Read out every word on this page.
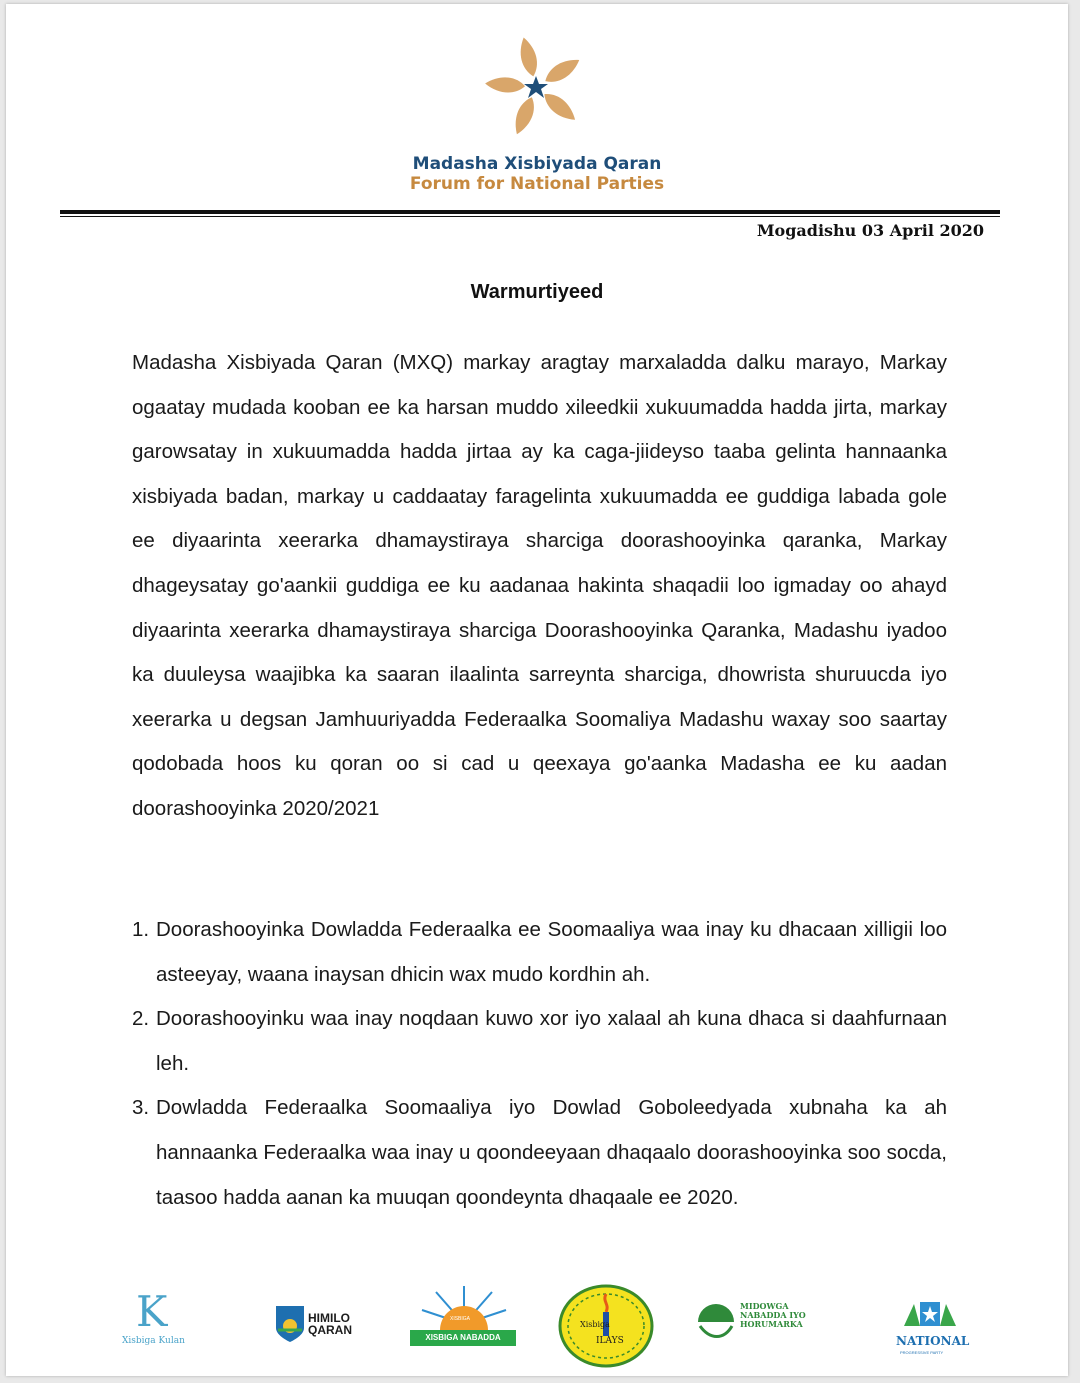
Madasha Xisbiyada Qaran
Forum for National Parties
Mogadishu 03 April 2020
Warmurtiyeed

Madasha Xisbiyada Qaran (MXQ) markay aragtay marxaladda dalku marayo, Markay ogaatay mudada kooban ee ka harsan muddo xileedkii xukuumadda hadda jirta, markay garowsatay in xukuumadda hadda jirtaa ay ka caga-jiideyso taaba gelinta hannaanka xisbiyada badan, markay u caddaatay faragelinta xukuumadda ee guddiga labada gole ee diyaarinta xeerarka dhamaystiraya sharciga doorashooyinka qaranka, Markay dhageysatay go'aankii guddiga ee ku aadanaa hakinta shaqadii loo igmaday oo ahayd diyaarinta xeerarka dhamaystiraya sharciga Doorashooyinka Qaranka, Madashu iyadoo ka duuleysa waajibka ka saaran ilaalinta sarreynta sharciga, dhowrista shuruucda iyo xeerarka u degsan Jamhuuriyadda Federaalka Soomaliya Madashu waxay soo saartay qodobada hoos ku qoran oo si cad u qeexaya go'aanka Madasha ee ku aadan doorashooyinka 2020/2021

1. Doorashooyinka Dowladda Federaalka ee Soomaaliya waa inay ku dhacaan xilligii loo asteeyay, waana inaysan dhicin wax mudo kordhin ah.
2. Doorashooyinku waa inay noqdaan kuwo xor iyo xalaal ah kuna dhaca si daahfurnaan leh.
3. Dowladda Federaalka Soomaaliya iyo Dowlad Goboleedyada xubnaha ka ah hannaanka Federaalka waa inay u qoondeeyaan dhaqaalo doorashooyinka soo socda, taasoo hadda aanan ka muuqan qoondeynta dhaqaale ee 2020.
K
Xisbiga Kulan
HIMILO
QARAN
XISBIGA
XISBIGA NABADDA
Xisbiga
ILAYS
MIDOWGA
NABADDA IYO
HORUMARKA
NATIONAL
PROGRESSIVE PARTY
